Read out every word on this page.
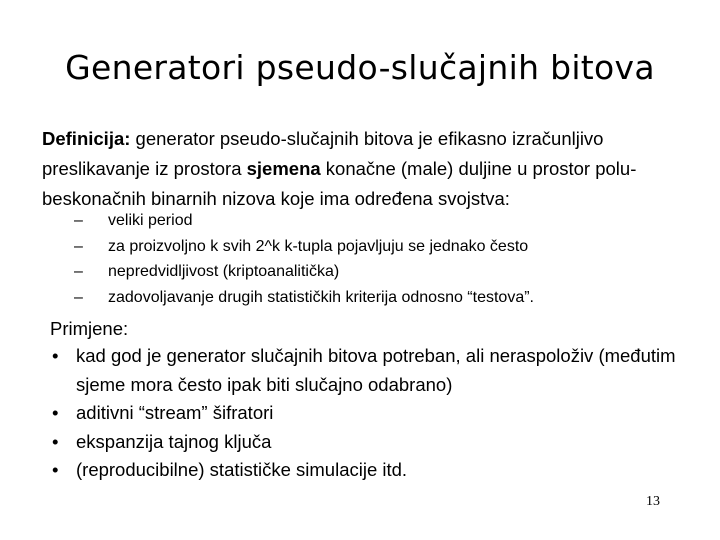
Generatori pseudo-slučajnih bitova
Definicija: generator pseudo-slučajnih bitova je efikasno izračunljivo preslikavanje iz prostora sjemena konačne (male) duljine u prostor polu-beskonačnih binarnih nizova koje ima određena svojstva:
– veliki period
– za proizvoljno k svih 2^k k-tupla pojavljuju se jednako često
– nepredvidljivost (kriptoanalitička)
– zadovoljavanje drugih statističkih kriterija odnosno “testova”.
Primjene:
• kad god je generator slučajnih bitova potreban, ali neraspoloživ (međutim sjeme mora često ipak biti slučajno odabrano)
• aditivni “stream” šifratori
• ekspanzija tajnog ključa
• (reproducibilne) statističke simulacije itd.
13
